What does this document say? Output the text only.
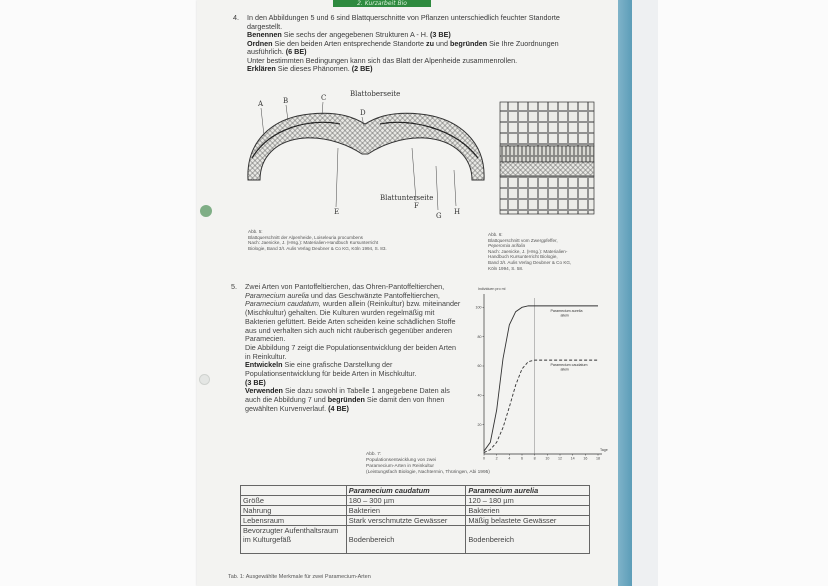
2. Kurzarbeit Bio
4. In den Abbildungen 5 und 6 sind Blattquerschnitte von Pflanzen unterschiedlich feuchter Standorte dargestellt.
Benennen Sie sechs der angegebenen Strukturen A - H. (3 BE)
Ordnen Sie den beiden Arten entsprechende Standorte zu und begründen Sie Ihre Zuordnungen ausführlich. (6 BE)
Unter bestimmten Bedingungen kann sich das Blatt der Alpenheide zusammenrollen.
Erklären Sie dieses Phänomen. (2 BE)
Blattoberseite
Blattunterseite
A	B	C
D
E
F
G H
Abb. 5:
Blattquerschnitt der Alpenheide, Loiseleuria procumbens
Nach: Jaenicke, J. (Hrsg.): Materialien-Handbuch Kursunterricht
Biologie, Band 3/I. Aulis Verlag Deubner & Co KG, Köln 1994, S. 83.
Abb. 6:
Blattquerschnitt vom Zwergpfeffer,
Peperomia arifolia
Nach: Jaenicke, J. (Hrsg.): Materialien-
Handbuch Kursunterricht Biologie,
Band 3/I. Aulis Verlag Deubner & Co KG,
Köln 1994, S. 58.
5. Zwei Arten von Pantoffeltierchen, das Ohren-Pantoffeltierchen, Paramecium aurelia und das Geschwänzte Pantoffeltierchen, Paramecium caudatum, wurden allein (Reinkultur) bzw. miteinander (Mischkultur) gehalten. Die Kulturen wurden regelmäßig mit Bakterien gefüttert. Beide Arten scheiden keine schädlichen Stoffe aus und verhalten sich auch nicht räuberisch gegenüber anderen Paramecien.
Die Abbildung 7 zeigt die Populationsentwicklung der beiden Arten in Reinkultur.
Entwickeln Sie eine grafische Darstellung der Populationsentwicklung für beide Arten in Mischkultur.
(3 BE)
Verwenden Sie dazu sowohl in Tabelle 1 angegebene Daten als auch die Abbildung 7 und begründen Sie damit den von Ihnen gewählten Kurvenverlauf. (4 BE)
Individuen pro ml
Tage
20
40
60
80
100
0	2	4	6	8	10 12 14 16 18
Paramecium aurelia allein
Paramecium caudatum allein
Abb. 7:
Populationsentwicklung von zwei
Paramecium-Arten in Reinkultur
(Leistungsfach Biologie, Nachtermin, Thüringen, Abi 1995)
	Paramecium caudatum	Paramecium aurelia
Größe	180 – 300 µm	120 – 180 µm
Nahrung	Bakterien	Bakterien
Lebensraum	Stark verschmutzte Gewässer	Mäßig belastete Gewässer
Bevorzugter Aufenthaltsraum im Kulturgefäß	Bodenbereich	Bodenbereich
Tab. 1: Ausgewählte Merkmale für zwei Paramecium-Arten
